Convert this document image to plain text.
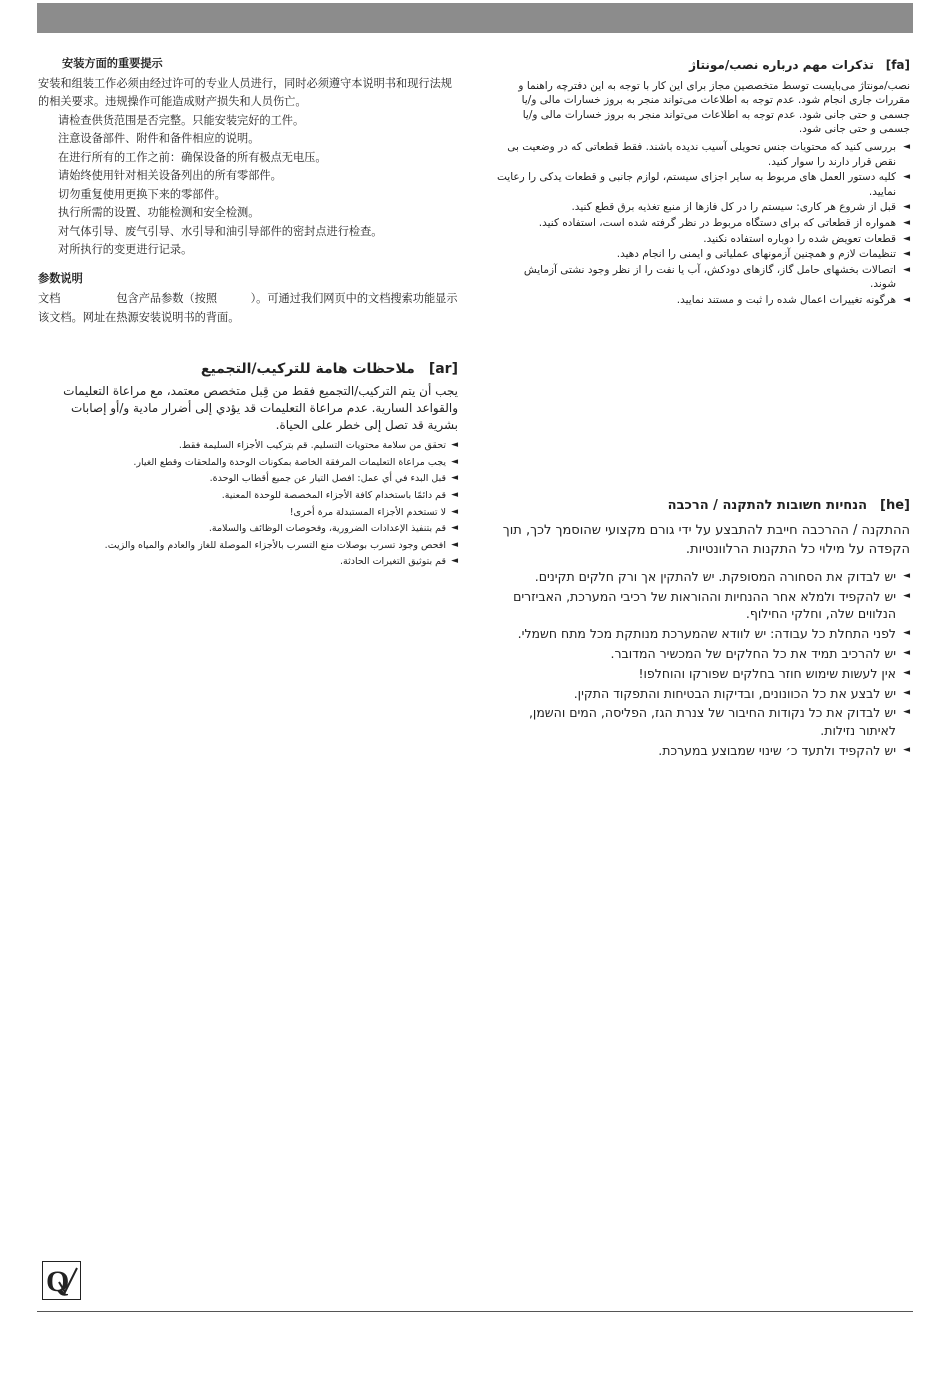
安装方面的重要提示
安装和组装工作必须由经过许可的专业人员进行，同时必须遵守本说明书和现行法规的相关要求。违规操作可能造成财产损失和人员伤亡。
请检查供货范围是否完整。只能安装完好的工件。
注意设备部件、附件和备件相应的说明。
在进行所有的工作之前：确保设备的所有极点无电压。
请始终使用针对相关设备列出的所有零部件。
切勿重复使用更换下来的零部件。
执行所需的设置、功能检测和安全检测。
对气体引导、废气引导、水引导和油引导部件的密封点进行检查。
对所执行的变更进行记录。
参数说明
文档　　　　　包含产品参数（按照　　　）。可通过我们网页中的文档搜索功能显示该文档。网址在热源安装说明书的背面。
[fa]　تذکرات مهم درباره نصب/مونتاژ
نصب/مونتاژ می‌بایست توسط متخصصین مجاز برای این کار با توجه به این دفترچه راهنما و مقررات جاری انجام شود. عدم توجه به اطلاعات می‌تواند منجر به بروز خسارات مالی و/یا جسمی و حتی جانی شود. عدم توجه به اطلاعات می‌تواند منجر به بروز خسارات مالی و/یا جسمی و حتی جانی شود.
◄
بررسی کنید که محتویات جنس تحویلی آسیب ندیده باشند. فقط قطعاتی که در وضعیت بی نقص قرار دارند را سوار کنید.
◄
کلیه دستور العمل های مربوط به سایر اجزای سیستم، لوازم جانبی و قطعات یدکی را رعایت نمایید.
◄
قبل از شروع هر کاری: سیستم را در کل فازها از منبع تغذیه برق قطع کنید.
◄
همواره از قطعاتی که برای دستگاه مربوط در نظر گرفته شده است، استفاده کنید.
◄
قطعات تعویض شده را دوباره استفاده نکنید.
◄
تنظیمات لازم و همچنین آزمونهای عملیاتی و ایمنی را انجام دهید.
◄
اتصالات بخشهای حامل گاز، گازهای دودکش، آب یا نفت را از نظر وجود نشتی آزمایش شوند.
◄
هرگونه تغییرات اعمال شده را ثبت و مستند نمایید.
[ar]　ملاحظات هامة للتركيب/التجميع
يجب أن يتم التركيب/التجميع فقط من قِبل متخصص معتمد، مع مراعاة التعليمات والقواعد السارية. عدم مراعاة التعليمات قد يؤدي إلى أضرار مادية و/أو إصابات بشرية قد تصل إلى خطر على الحياة.
◄
تحقق من سلامة محتويات التسليم. قم بتركيب الأجزاء السليمة فقط.
◄
يجب مراعاة التعليمات المرفقة الخاصة بمكونات الوحدة والملحقات وقطع الغيار.
◄
قبل البدء في أي عمل: افصل التيار عن جميع أقطاب الوحدة.
◄
قم دائمًا باستخدام كافة الأجزاء المخصصة للوحدة المعنية.
◄
لا تستخدم الأجزاء المستبدلة مرة أخرى!
◄
قم بتنفيذ الإعدادات الضرورية، وفحوصات الوظائف والسلامة.
◄
افحص وجود تسرب بوصلات منع التسرب بالأجزاء الموصلة للغاز والعادم والمياه والزيت.
◄
قم بتوثيق التغيرات الحادثة.
[he]　הנחיות חשובות להתקנה / הרכבה
ההתקנה / ההרכבה חייבת להתבצע על ידי גורם מקצועי שהוסמך לכך, תוך הקפדה על מילוי כל התקנות הרלוונטיות.
◄
יש לבדוק את הסחורה המסופקת. יש להתקין אך ורק חלקים תקינים.
◄
יש להקפיד ולמלא אחר ההנחיות וההוראות של רכיבי המערכת, האביזרים הנלווים שלה, וחלקי החילוף.
◄
לפני התחלת כל עבודה: יש לוודא שהמערכת מנותקת מכל מתח חשמלי.
◄
יש להרכיב תמיד את כל החלקים של המכשיר המדובר.
◄
אין לעשות שימוש חוזר בחלקים שפורקו והוחלפו!
◄
יש לבצע את כל הכוונונים, ובדיקות הבטיחות והתפקוד התקין.
◄
יש לבדוק את כל נקודות החיבור של צנרת הגז, הפליסה, המים והשמן, לאיתור נזילות.
◄
יש להקפיד ולתעד כ׳ שינוי שמבוצע במערכת.
Q
